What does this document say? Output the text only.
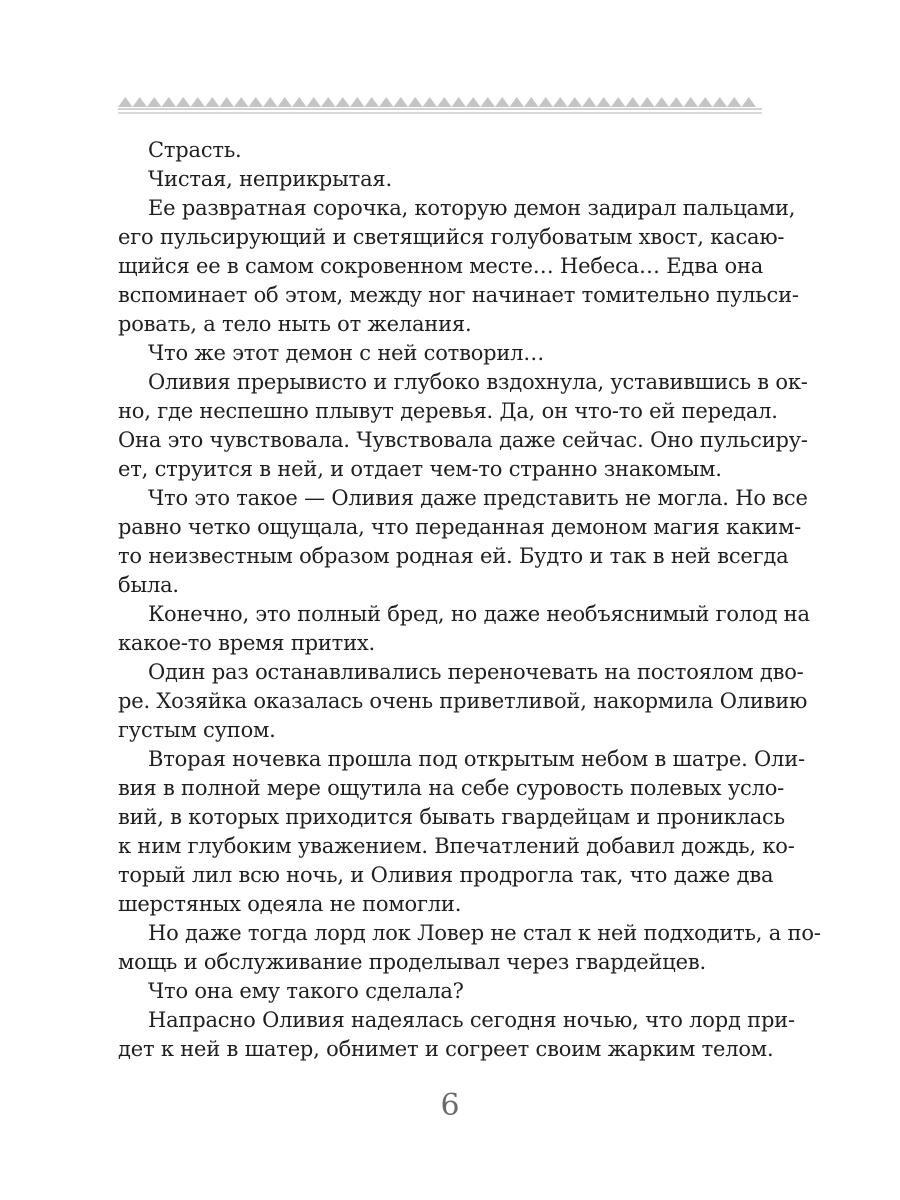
Страсть.

Чистая, неприкрытая.

Ее развратная сорочка, которую демон задирал пальцами,
его пульсирующий и светящийся голубоватым хвост, касаю-
щийся ее в самом сокровенном месте… Небеса… Едва она
вспоминает об этом, между ног начинает томительно пульси-
ровать, а тело ныть от желания.

Что же этот демон с ней сотворил…

Оливия прерывисто и глубоко вздохнула, уставившись в ок-
но, где неспешно плывут деревья. Да, он что-то ей передал.
Она это чувствовала. Чувствовала даже сейчас. Оно пульсиру-
ет, струится в ней, и отдает чем-то странно знакомым.

Что это такое — Оливия даже представить не могла. Но все
равно четко ощущала, что переданная демоном магия каким-
то неизвестным образом родная ей. Будто и так в ней всегда
была.

Конечно, это полный бред, но даже необъяснимый голод на
какое-то время притих.

Один раз останавливались переночевать на постоялом дво-
ре. Хозяйка оказалась очень приветливой, накормила Оливию
густым супом.

Вторая ночевка прошла под открытым небом в шатре. Оли-
вия в полной мере ощутила на себе суровость полевых усло-
вий, в которых приходится бывать гвардейцам и прониклась
к ним глубоким уважением. Впечатлений добавил дождь, ко-
торый лил всю ночь, и Оливия продрогла так, что даже два
шерстяных одеяла не помогли.

Но даже тогда лорд лок Ловер не стал к ней подходить, а по-
мощь и обслуживание проделывал через гвардейцев.

Что она ему такого сделала?

Напрасно Оливия надеялась сегодня ночью, что лорд при-
дет к ней в шатер, обнимет и согреет своим жарким телом.

6
